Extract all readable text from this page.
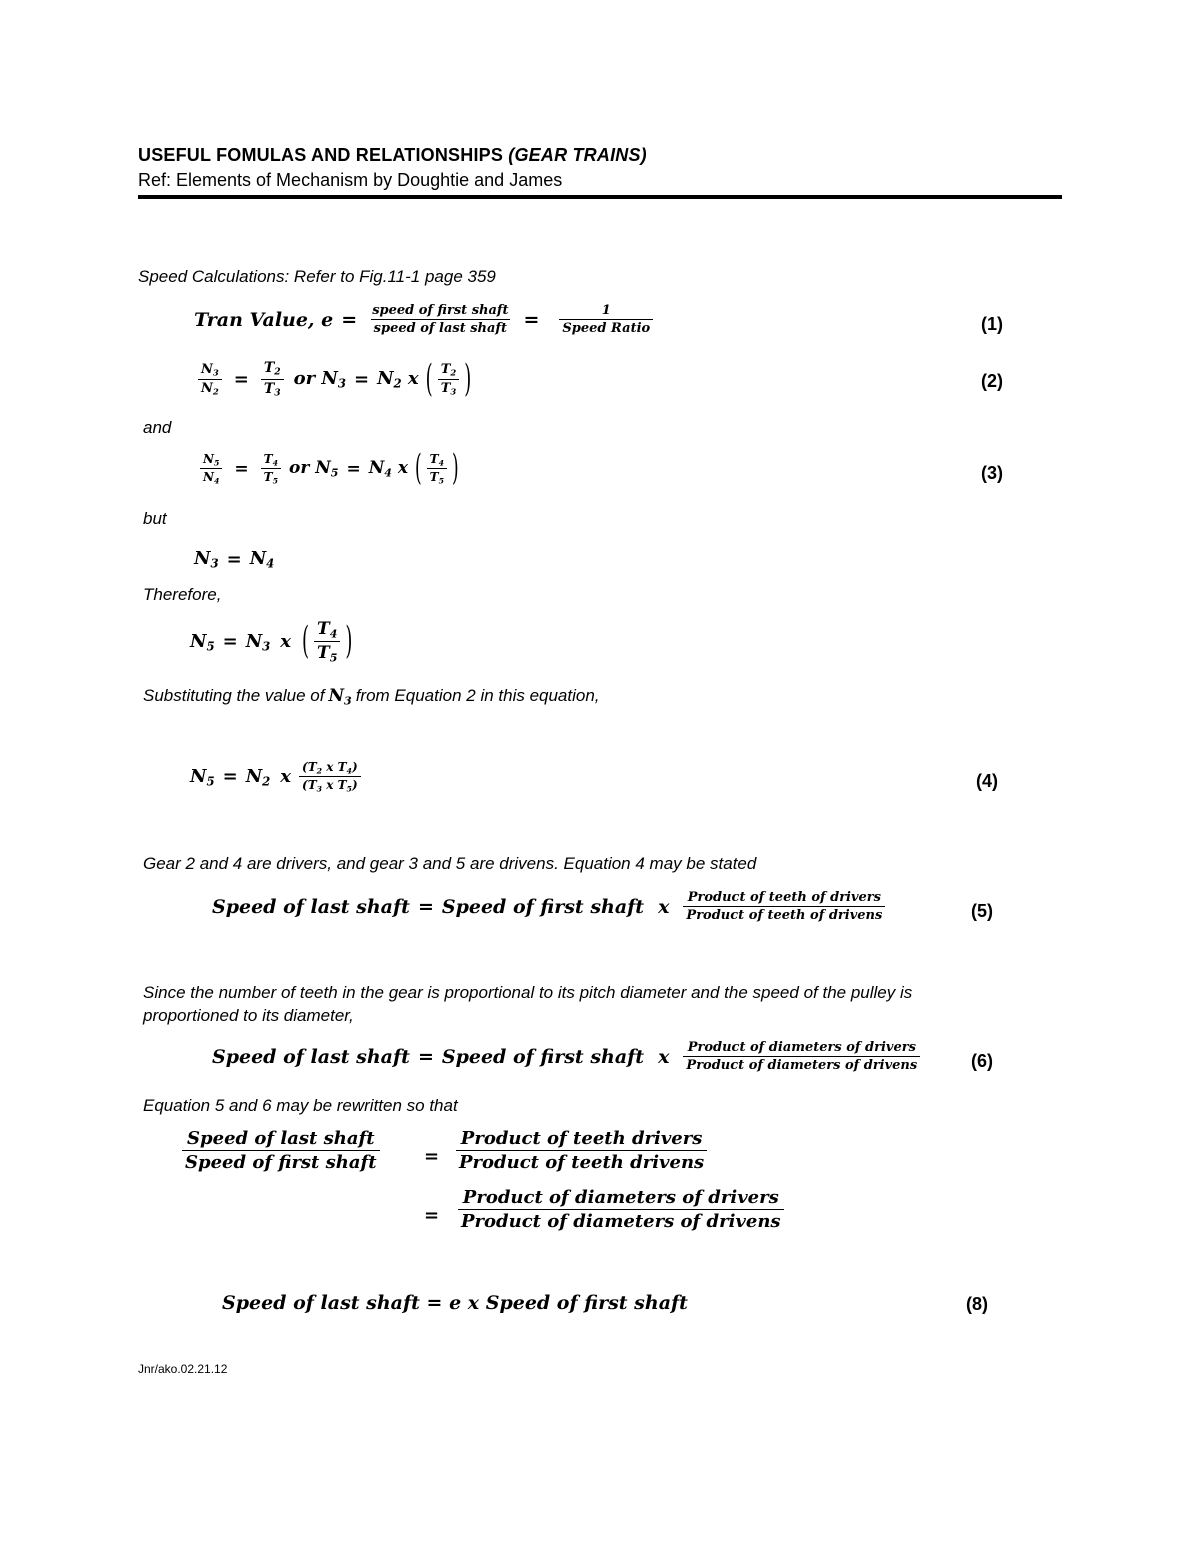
USEFUL FOMULAS AND RELATIONSHIPS (GEAR TRAINS)
Ref: Elements of Mechanism by Doughtie and James
Speed Calculations: Refer to Fig.11-1 page 359
Tran Value, $e = \frac{\text{speed of first shaft}}{\text{speed of last shaft}} = \frac{1}{\text{Speed Ratio}}$	(1)
$\frac{N_3}{N_2} = \frac{T_2}{T_3}$ or $N_3 = N_2$ x ( $\frac{T_2}{T_3}$ )	(2)
and
$\frac{N_5}{N_4} = \frac{T_4}{T_5}$ or $N_5 = N_4$ x ( $\frac{T_4}{T_5}$ )	(3)
but
$N_3 = N_4$
Therefore,
$N_5 = N_3$ x ( $\frac{T_4}{T_5}$ )
Substituting the value of $N_3$ from Equation 2 in this equation,
$N_5 = N_2$ x $\frac{(T_2 x T_4)}{(T_3 x T_5)}$	(4)
Gear 2 and 4 are drivers, and gear 3 and 5 are drivens. Equation 4 may be stated
Speed of last shaft = Speed of first shaft x $\frac{\text{Product of teeth of drivers}}{\text{Product of teeth of drivens}}$	(5)
Since the number of teeth in the gear is proportional to its pitch diameter and the speed of the pulley is
proportioned to its diameter,
Speed of last shaft = Speed of first shaft x $\frac{\text{Product of diameters of drivers}}{\text{Product of diameters of drivens}}$	(6)
Equation 5 and 6 may be rewritten so that
$\frac{\text{Speed of last shaft}}{\text{Speed of first shaft}} = \frac{\text{Product of teeth drivers}}{\text{Product of teeth drivens}}$
= $\frac{\text{Product of diameters of drivers}}{\text{Product of diameters of drivens}}$
Speed of last shaft = e x Speed of first shaft	(8)
Jnr/ako.02.21.12
